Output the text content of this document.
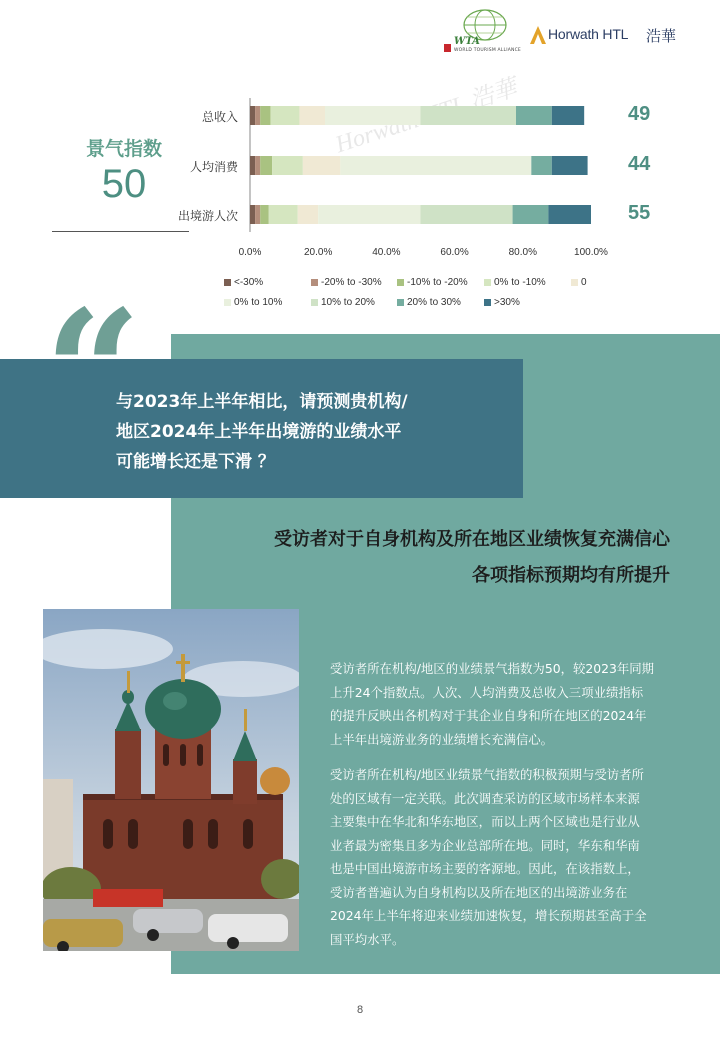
WTA
WORLD TOURISM ALLIANCE
Horwath HTL 浩華
景气指数
50
Horwath 浩華
总收入	49
人均消费	44
出境游人次	55
0.0%	20.0%	40.0%	60.0%	80.0%	100.0%
<-30%	-20% to -30%	-10% to -20%	0% to -10%	0
0% to 10%	10% to 20%	20% to 30%	>30%
与2023年上半年相比，请预测贵机构/
地区2024年上半年出境游的业绩水平
可能增长还是下滑 ？
受访者对于自身机构及所在地区业绩恢复充满信心
各项指标预期均有所提升
受访者所在机构/地区的业绩景气指数为50，较2023年同期
上升24个指数点。人次、人均消费及总收入三项业绩指标
的提升反映出各机构对于其企业自身和所在地区的2024年
上半年出境游业务的业绩增长充满信心。
受访者所在机构/地区业绩景气指数的积极预期与受访者所
处的区域有一定关联。此次调查采访的区域市场样本来源
主要集中在华北和华东地区，而以上两个区域也是行业从
业者最为密集且多为企业总部所在地。同时，华东和华南
也是中国出境游市场主要的客源地。因此，在该指数上，
受访者普遍认为自身机构以及所在地区的出境游业务在
2024年上半年将迎来业绩加速恢复，增长预期甚至高于全
国平均水平。
8
